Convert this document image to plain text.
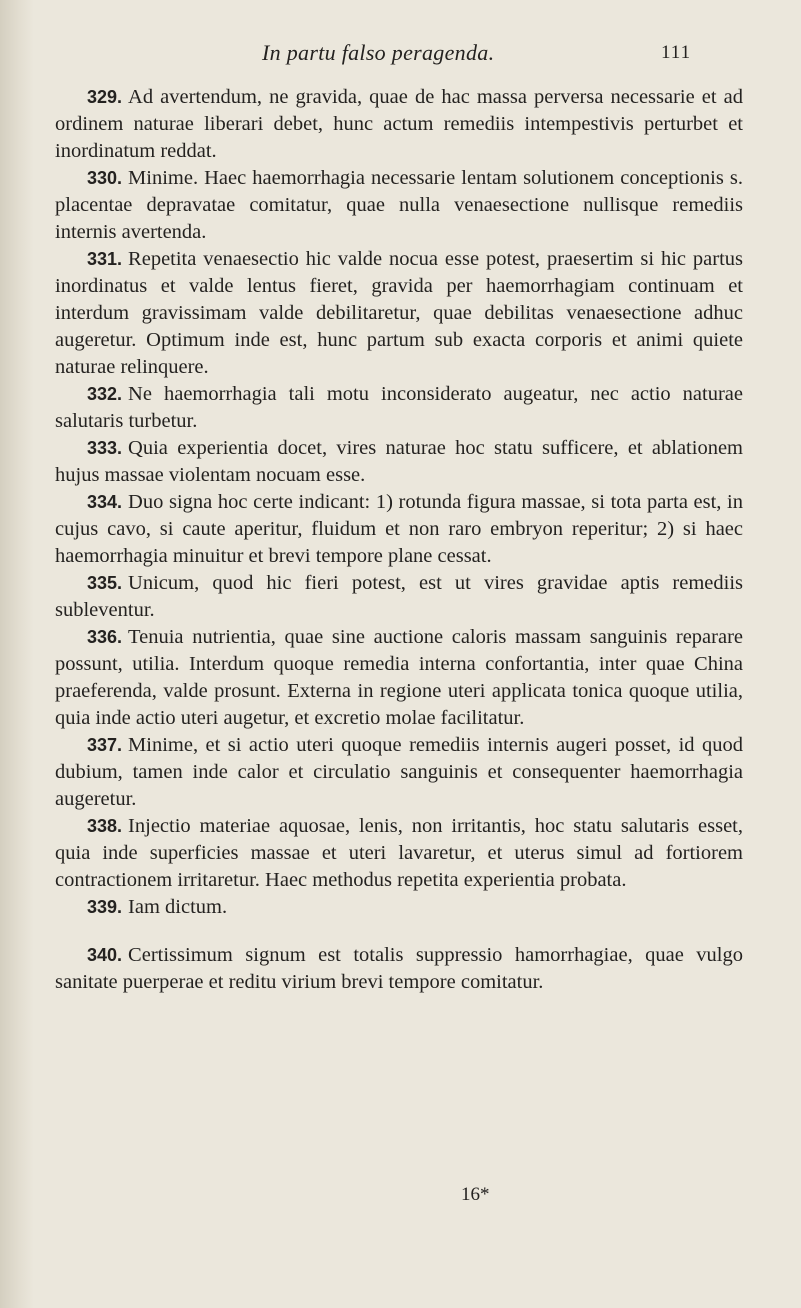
In partu falso peragenda.	111

329. Ad avertendum, ne gravida, quae de hac massa perversa necessarie et ad ordinem naturae liberari debet, hunc actum remediis intempestivis perturbet et inordinatum reddat.

330. Minime. Haec haemorrhagia necessarie lentam solutionem conceptionis s. placentae depravatae comitatur, quae nulla venaesectione nullisque remediis internis avertenda.

331. Repetita venaesectio hic valde nocua esse potest, praesertim si hic partus inordinatus et valde lentus fieret, gravida per haemorrhagiam continuam et interdum gravissimam valde debilitaretur, quae debilitas venaesectione adhuc augeretur. Optimum inde est, hunc partum sub exacta corporis et animi quiete naturae relinquere.

332. Ne haemorrhagia tali motu inconsiderato augeatur, nec actio naturae salutaris turbetur.

333. Quia experientia docet, vires naturae hoc statu sufficere, et ablationem hujus massae violentam nocuam esse.

334. Duo signa hoc certe indicant: 1) rotunda figura massae, si tota parta est, in cujus cavo, si caute aperitur, fluidum et non raro embryon reperitur; 2) si haec haemorrhagia minuitur et brevi tempore plane cessat.

335. Unicum, quod hic fieri potest, est ut vires gravidae aptis remediis subleventur.

336. Tenuia nutrientia, quae sine auctione caloris massam sanguinis reparare possunt, utilia. Interdum quoque remedia interna confortantia, inter quae China praeferenda, valde prosunt. Externa in regione uteri applicata tonica quoque utilia, quia inde actio uteri augetur, et excretio molae facilitatur.

337. Minime, et si actio uteri quoque remediis internis augeri posset, id quod dubium, tamen inde calor et circulatio sanguinis et consequenter haemorrhagia augeretur.

338. Injectio materiae aquosae, lenis, non irritantis, hoc statu salutaris esset, quia inde superficies massae et uteri lavaretur, et uterus simul ad fortiorem contractionem irritaretur. Haec methodus repetita experientia probata.

339. Iam dictum.

340. Certissimum signum est totalis suppressio hamorrhagiae, quae vulgo sanitate puerperae et reditu virium brevi tempore comitatur.

16*
